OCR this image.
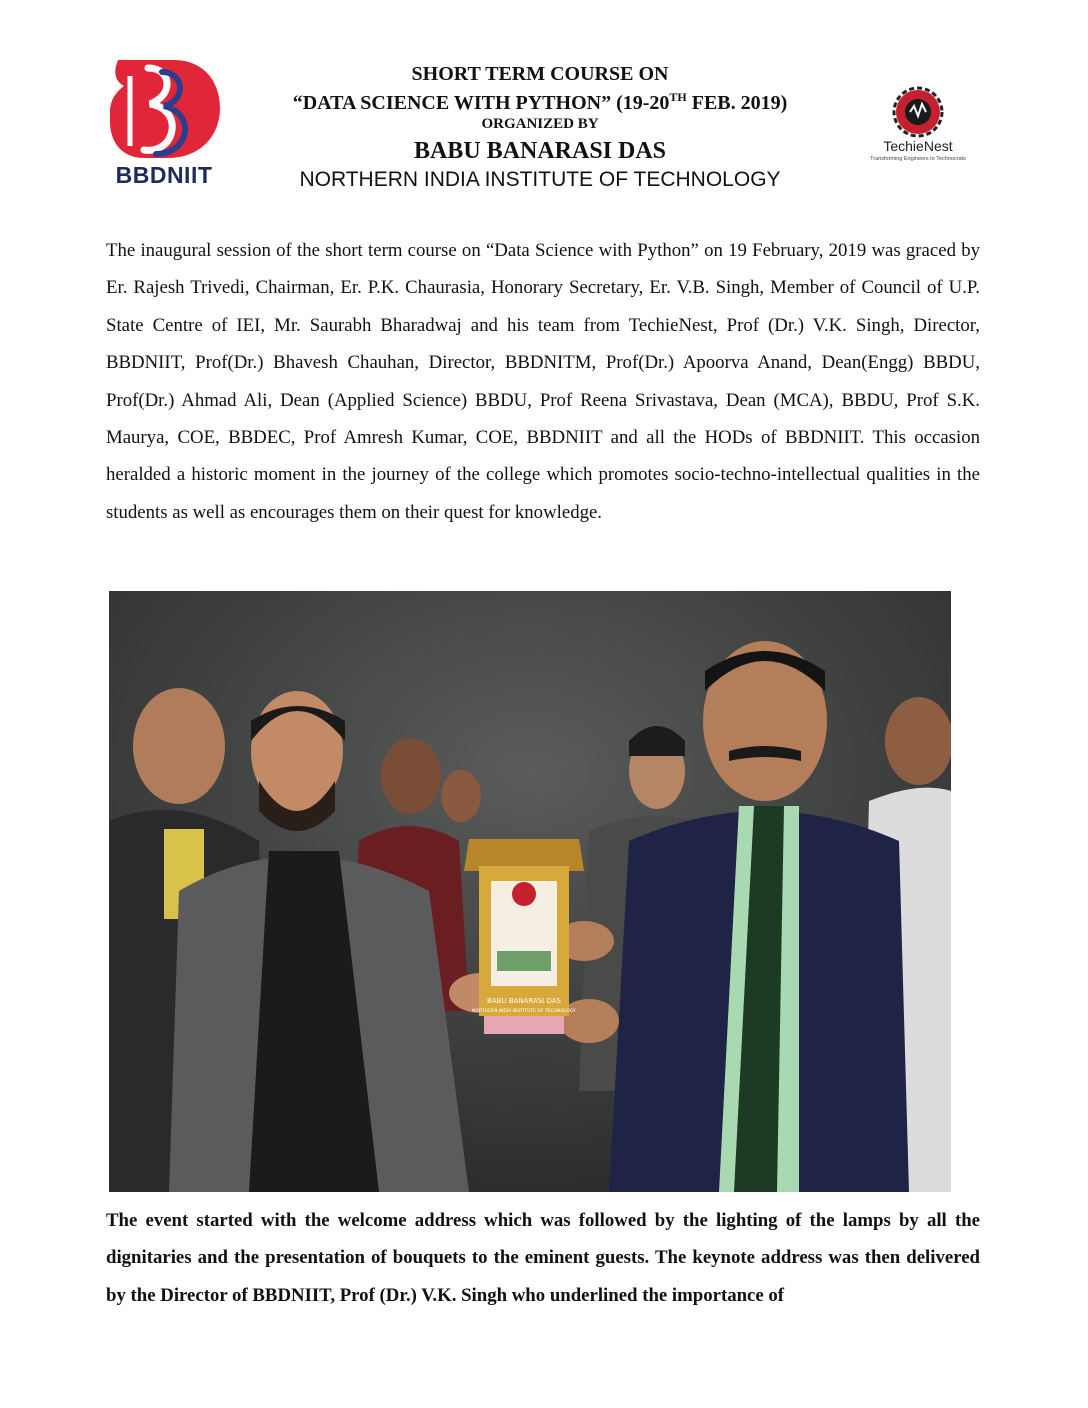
BBDNIIT
TechieNest
Transforming Engineers to Technocrats
SHORT TERM COURSE ON
“DATA SCIENCE WITH PYTHON” (19-20TH FEB. 2019)
ORGANIZED BY
BABU BANARASI DAS
NORTHERN INDIA INSTITUTE OF TECHNOLOGY

The inaugural session of the short term course on “Data Science with Python” on 19 February, 2019 was graced by Er. Rajesh Trivedi, Chairman, Er. P.K. Chaurasia, Honorary Secretary, Er. V.B. Singh, Member of Council of U.P. State Centre of IEI, Mr. Saurabh Bharadwaj and his team from TechieNest, Prof (Dr.) V.K. Singh, Director, BBDNIIT, Prof(Dr.) Bhavesh Chauhan, Director, BBDNITM, Prof(Dr.) Apoorva Anand, Dean(Engg) BBDU, Prof(Dr.) Ahmad Ali, Dean (Applied Science) BBDU, Prof Reena Srivastava, Dean (MCA), BBDU, Prof S.K. Maurya, COE, BBDEC, Prof Amresh Kumar, COE, BBDNIIT and all the HODs of BBDNIIT. This occasion heralded a historic moment in the journey of the college which promotes socio-techno-intellectual qualities in the students as well as encourages them on their quest for knowledge.

BABU BANARASI DAS
NORTHERN INDIA INSTITUTE OF TECHNOLOGY

The event started with the welcome address which was followed by the lighting of the lamps by all the dignitaries and the presentation of bouquets to the eminent guests. The keynote address was then delivered by the Director of BBDNIIT, Prof (Dr.) V.K. Singh who underlined the importance of
